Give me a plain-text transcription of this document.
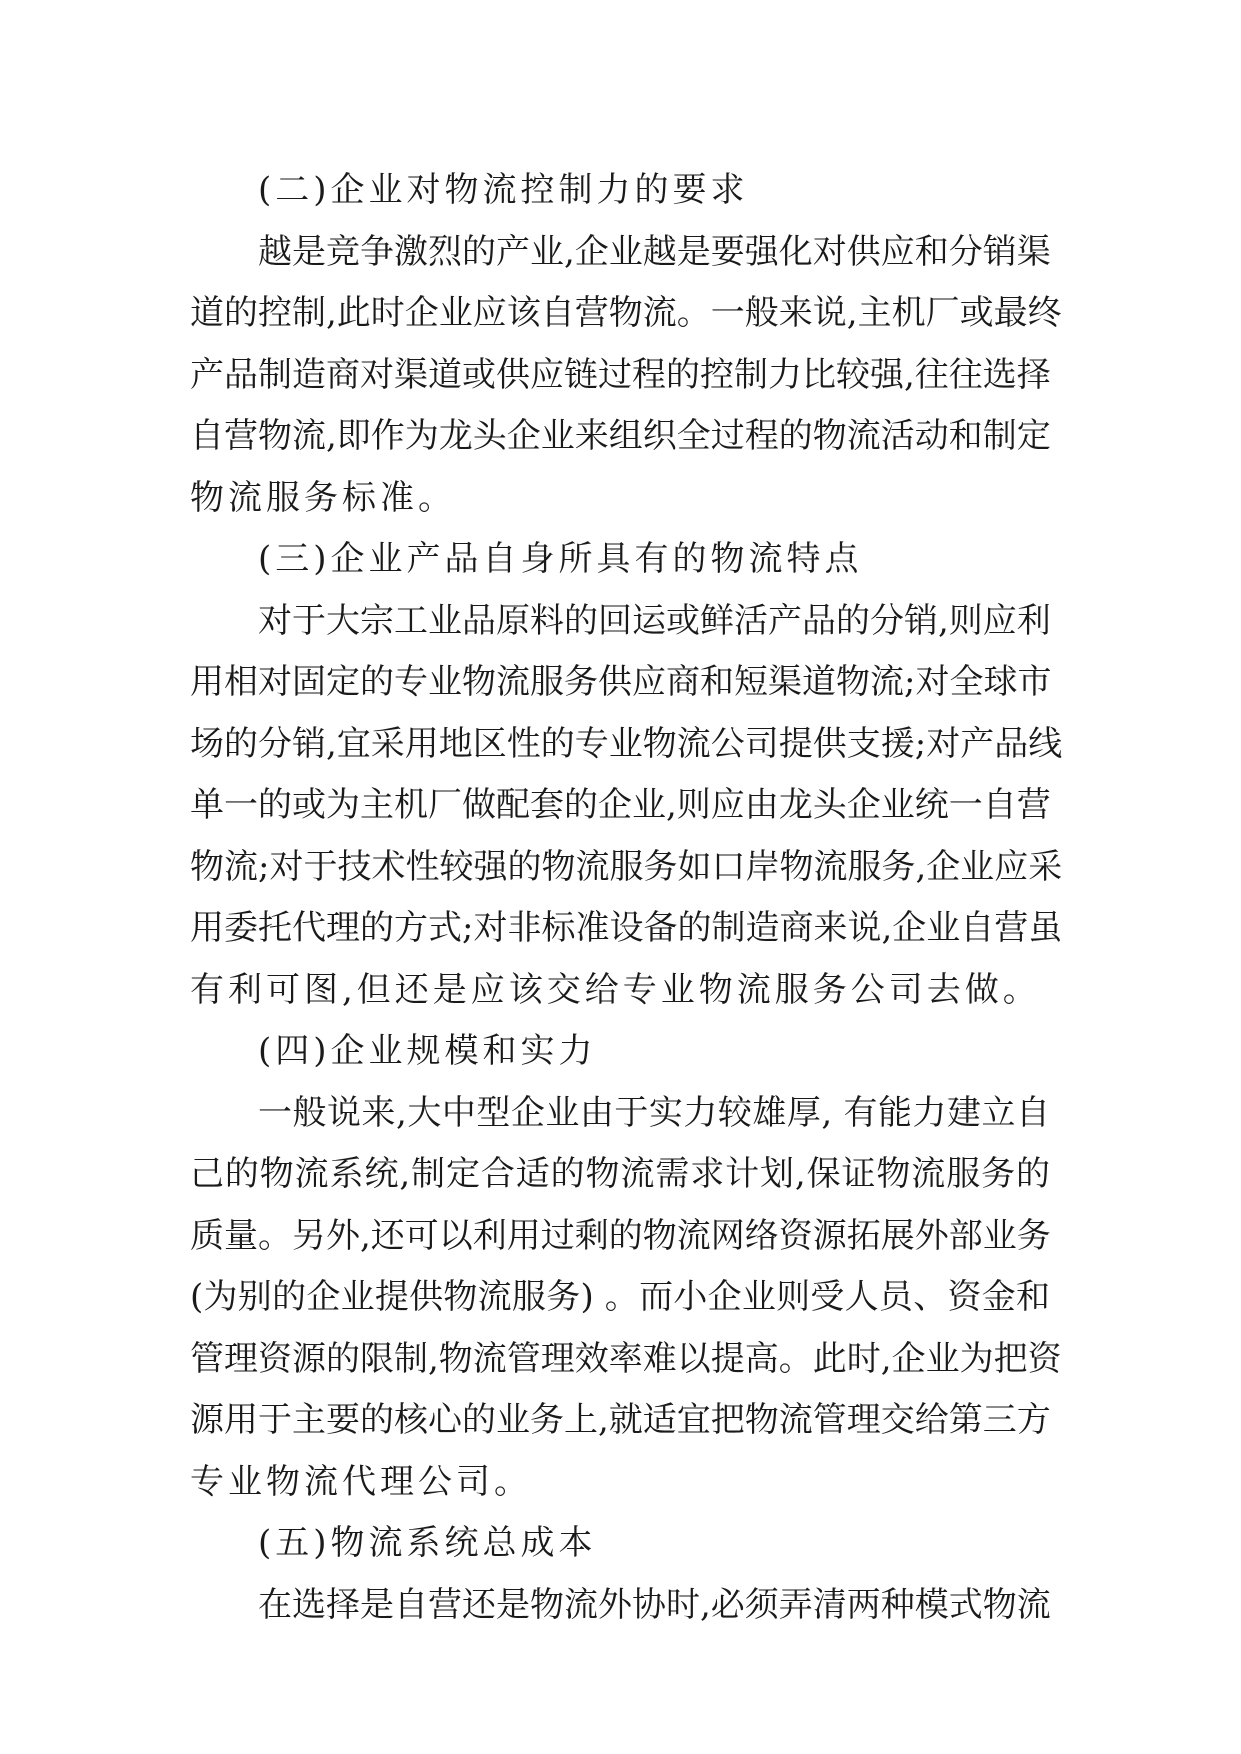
(二)企业对物流控制力的要求
越是竞争激烈的产业,企业越是要强化对供应和分销渠
道的控制,此时企业应该自营物流。一般来说,主机厂或最终
产品制造商对渠道或供应链过程的控制力比较强,往往选择
自营物流,即作为龙头企业来组织全过程的物流活动和制定
物流服务标准。
(三)企业产品自身所具有的物流特点
对于大宗工业品原料的回运或鲜活产品的分销,则应利
用相对固定的专业物流服务供应商和短渠道物流;对全球市
场的分销,宜采用地区性的专业物流公司提供支援;对产品线
单一的或为主机厂做配套的企业,则应由龙头企业统一自营
物流;对于技术性较强的物流服务如口岸物流服务,企业应采
用委托代理的方式;对非标准设备的制造商来说,企业自营虽
有利可图,但还是应该交给专业物流服务公司去做。
(四)企业规模和实力
一般说来,大中型企业由于实力较雄厚, 有能力建立自
己的物流系统,制定合适的物流需求计划,保证物流服务的
质量。另外,还可以利用过剩的物流网络资源拓展外部业务
(为别的企业提供物流服务) 。而小企业则受人员、资金和
管理资源的限制,物流管理效率难以提高。此时,企业为把资
源用于主要的核心的业务上,就适宜把物流管理交给第三方
专业物流代理公司。
(五)物流系统总成本
在选择是自营还是物流外协时,必须弄清两种模式物流
